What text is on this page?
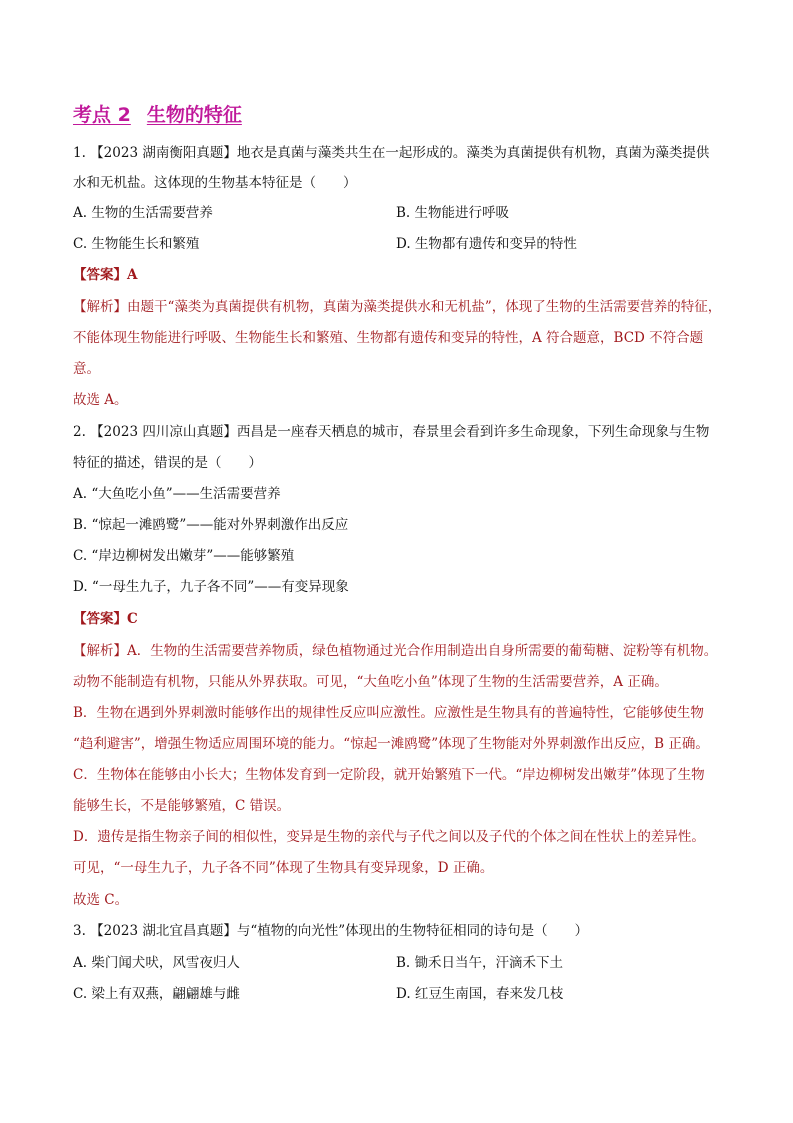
考点 2 生物的特征
1. 【2023 湖南衡阳真题】地衣是真菌与藻类共生在一起形成的。藻类为真菌提供有机物，真菌为藻类提供
水和无机盐。这体现的生物基本特征是（　　）
A. 生物的生活需要营养	B. 生物能进行呼吸
C. 生物能生长和繁殖	D. 生物都有遗传和变异的特性
【答案】A
【解析】由题干“藻类为真菌提供有机物，真菌为藻类提供水和无机盐”，体现了生物的生活需要营养的特征，
不能体现生物能进行呼吸、生物能生长和繁殖、生物都有遗传和变异的特性，A 符合题意，BCD 不符合题
意。
故选 A。
2. 【2023 四川凉山真题】西昌是一座春天栖息的城市，春景里会看到许多生命现象，下列生命现象与生物
特征的描述，错误的是（　　）
A. “大鱼吃小鱼”——生活需要营养
B. “惊起一滩鸥鹭”——能对外界刺激作出反应
C. “岸边柳树发出嫩芽”——能够繁殖
D. “一母生九子，九子各不同”——有变异现象
【答案】C
【解析】A．生物的生活需要营养物质，绿色植物通过光合作用制造出自身所需要的葡萄糖、淀粉等有机物。
动物不能制造有机物，只能从外界获取。可见，“大鱼吃小鱼”体现了生物的生活需要营养，A 正确。
B．生物在遇到外界刺激时能够作出的规律性反应叫应激性。应激性是生物具有的普遍特性，它能够使生物
“趋利避害”，增强生物适应周围环境的能力。“惊起一滩鸥鹭”体现了生物能对外界刺激作出反应，B 正确。
C．生物体在能够由小长大；生物体发育到一定阶段，就开始繁殖下一代。“岸边柳树发出嫩芽”体现了生物
能够生长，不是能够繁殖，C 错误。
D．遗传是指生物亲子间的相似性，变异是生物的亲代与子代之间以及子代的个体之间在性状上的差异性。
可见，“一母生九子，九子各不同”体现了生物具有变异现象，D 正确。
故选 C。
3. 【2023 湖北宜昌真题】与“植物的向光性”体现出的生物特征相同的诗句是（　　）
A. 柴门闻犬吠，风雪夜归人	B. 锄禾日当午，汗滴禾下土
C. 梁上有双燕，翩翩雄与雌	D. 红豆生南国，春来发几枝
